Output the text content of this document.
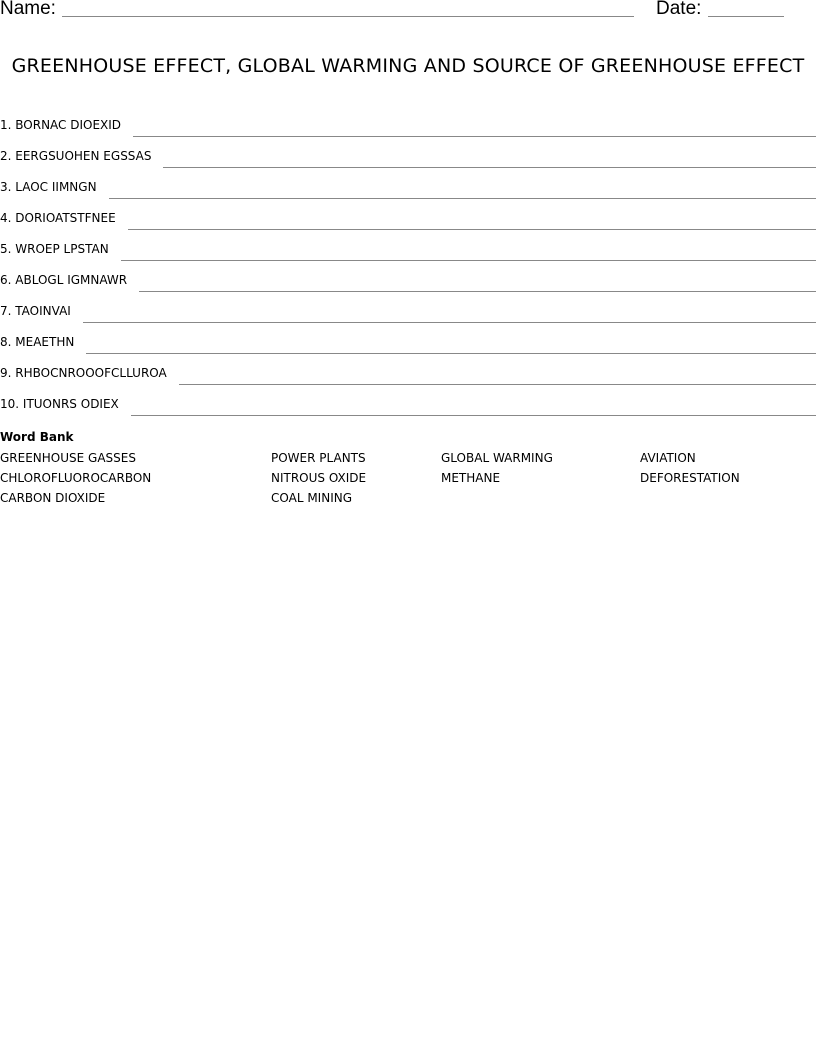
Name:	Date:
GREENHOUSE EFFECT, GLOBAL WARMING AND SOURCE OF GREENHOUSE EFFECT
1. BORNAC DIOEXID
2. EERGSUOHEN EGSSAS
3. LAOC IIMNGN
4. DORIOATSTFNEE
5. WROEP LPSTAN
6. ABLOGL IGMNAWR
7. TAOINVAI
8. MEAETHN
9. RHBOCNROOOFCLLUROA
10. ITUONRS ODIEX
Word Bank
GREENHOUSE GASSES	POWER PLANTS	GLOBAL WARMING	AVIATION
CHLOROFLUOROCARBON	NITROUS OXIDE	METHANE	DEFORESTATION
CARBON DIOXIDE	COAL MINING
